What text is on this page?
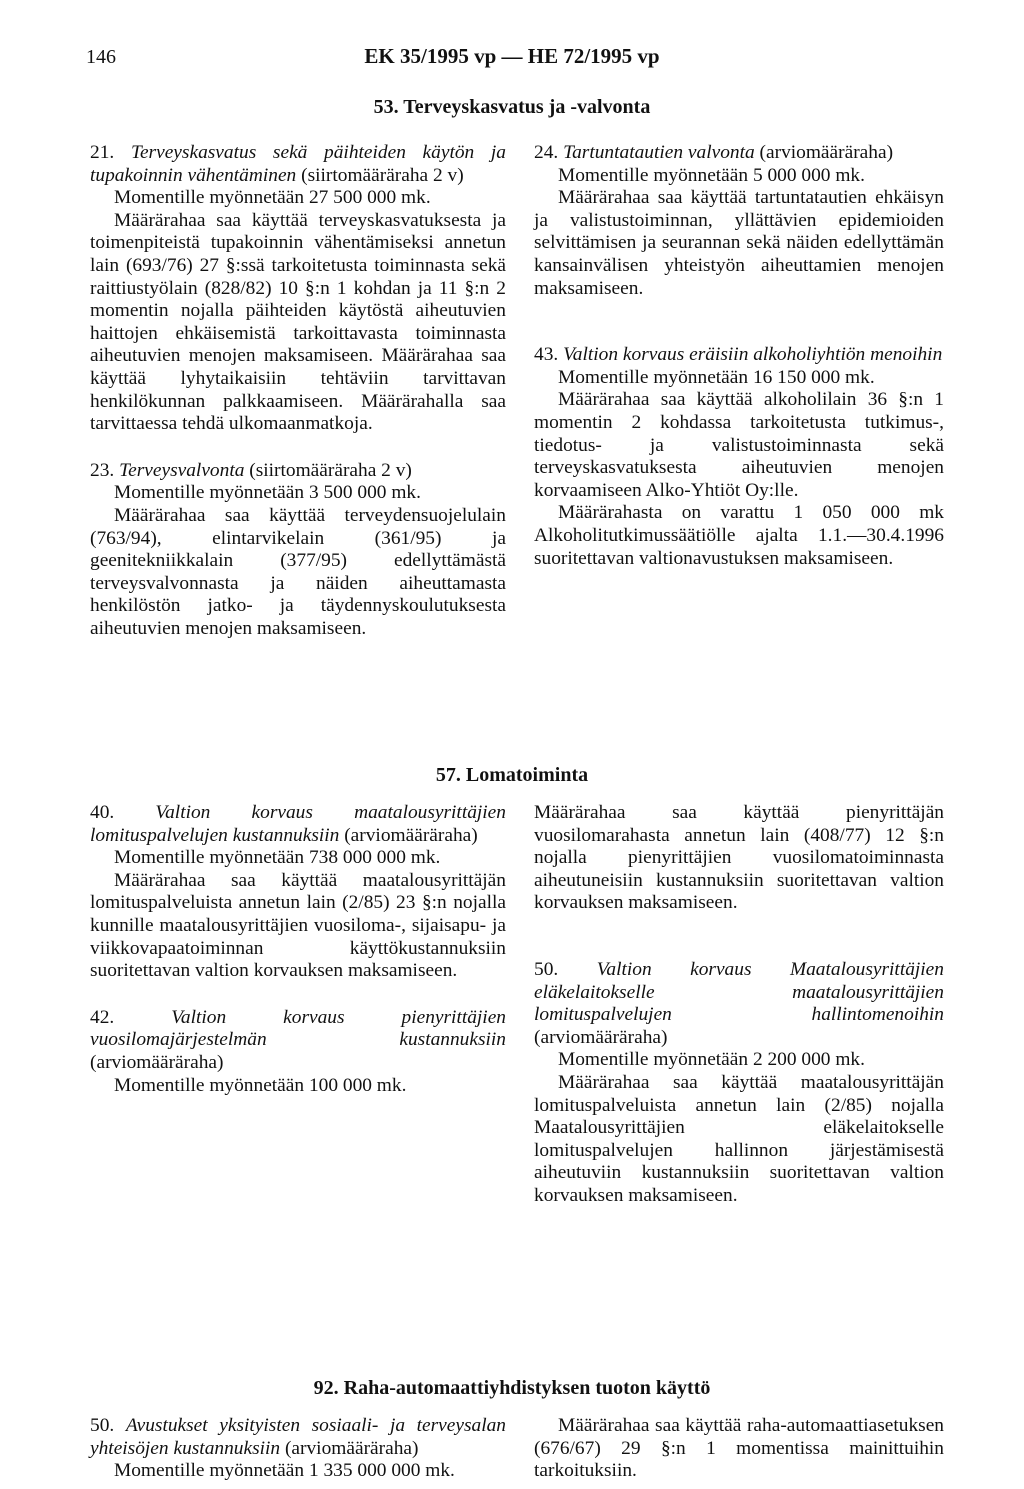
146	EK 35/1995 vp — HE 72/1995 vp
53. Terveyskasvatus ja -valvonta

21. Terveyskasvatus sekä päihteiden käytön ja tupakoinnin vähentäminen (siirtomääräraha 2 v)

Momentille myönnetään 27 500 000 mk.

Määrärahaa saa käyttää terveyskasvatuksesta ja toimenpiteistä tupakoinnin vähentämiseksi annetun lain (693/76) 27 §:ssä tarkoitetusta toiminnasta sekä raittiustyölain (828/82) 10 §:n 1 kohdan ja 11 §:n 2 momentin nojalla päihteiden käytöstä aiheutuvien haittojen ehkäisemistä tarkoittavasta toiminnasta aiheutuvien menojen maksamiseen. Määrärahaa saa käyttää lyhytaikaisiin tehtäviin tarvittavan henkilökunnan palkkaamiseen. Määrärahalla saa tarvittaessa tehdä ulkomaanmatkoja.

23. Terveysvalvonta (siirtomääräraha 2 v)

Momentille myönnetään 3 500 000 mk.

Määrärahaa saa käyttää terveydensuojelulain (763/94), elintarvikelain (361/95) ja geenitekniikkalain (377/95) edellyttämästä terveysvalvonnasta ja näiden aiheuttamasta henkilöstön jatko- ja täydennyskoulutuksesta aiheutuvien menojen maksamiseen.

24. Tartuntatautien valvonta (arviomääräraha)

Momentille myönnetään 5 000 000 mk.

Määrärahaa saa käyttää tartuntatautien ehkäisyn ja valistustoiminnan, yllättävien epidemioiden selvittämisen ja seurannan sekä näiden edellyttämän kansainvälisen yhteistyön aiheuttamien menojen maksamiseen.

43. Valtion korvaus eräisiin alkoholiyhtiön menoihin

Momentille myönnetään 16 150 000 mk.

Määrärahaa saa käyttää alkoholilain 36 §:n 1 momentin 2 kohdassa tarkoitetusta tutkimus-, tiedotus- ja valistustoiminnasta sekä terveyskasvatuksesta aiheutuvien menojen korvaamiseen Alko-Yhtiöt Oy:lle.

Määrärahasta on varattu 1 050 000 mk Alkoholitutkimussäätiölle ajalta 1.1.—30.4.1996 suoritettavan valtionavustuksen maksamiseen.

57. Lomatoiminta

40. Valtion korvaus maatalousyrittäjien lomituspalvelujen kustannuksiin (arviomääräraha)

Momentille myönnetään 738 000 000 mk.

Määrärahaa saa käyttää maatalousyrittäjän lomituspalveluista annetun lain (2/85) 23 §:n nojalla kunnille maatalousyrittäjien vuosiloma-, sijaisapu- ja viikkovapaatoiminnan käyttökustannuksiin suoritettavan valtion korvauksen maksamiseen.

42.	Valtion korvaus pienyrittäjien vuosilomajärjestelmän kustannuksiin (arviomääräraha)

Momentille myönnetään 100 000 mk.

Määrärahaa saa käyttää pienyrittäjän vuosilomarahasta annetun lain (408/77) 12 §:n nojalla pienyrittäjien vuosilomatoiminnasta aiheutuneisiin kustannuksiin suoritettavan valtion korvauksen maksamiseen.

50. Valtion korvaus Maatalousyrittäjien eläkelaitokselle maatalousyrittäjien lomituspalvelujen hallintomenoihin (arviomääräraha)

Momentille myönnetään 2 200 000 mk.

Määrärahaa saa käyttää maatalousyrittäjän lomituspalveluista annetun lain (2/85) nojalla Maatalousyrittäjien eläkelaitokselle lomituspalvelujen hallinnon järjestämisestä aiheutuviin kustannuksiin suoritettavan valtion korvauksen maksamiseen.

92. Raha-automaattiyhdistyksen tuoton käyttö

50. Avustukset yksityisten sosiaali- ja terveysalan yhteisöjen kustannuksiin (arviomääräraha)

Momentille myönnetään 1 335 000 000 mk.

Määrärahaa saa käyttää raha-automaattiasetuksen (676/67) 29 §:n 1 momentissa mainittuihin tarkoituksiin.
